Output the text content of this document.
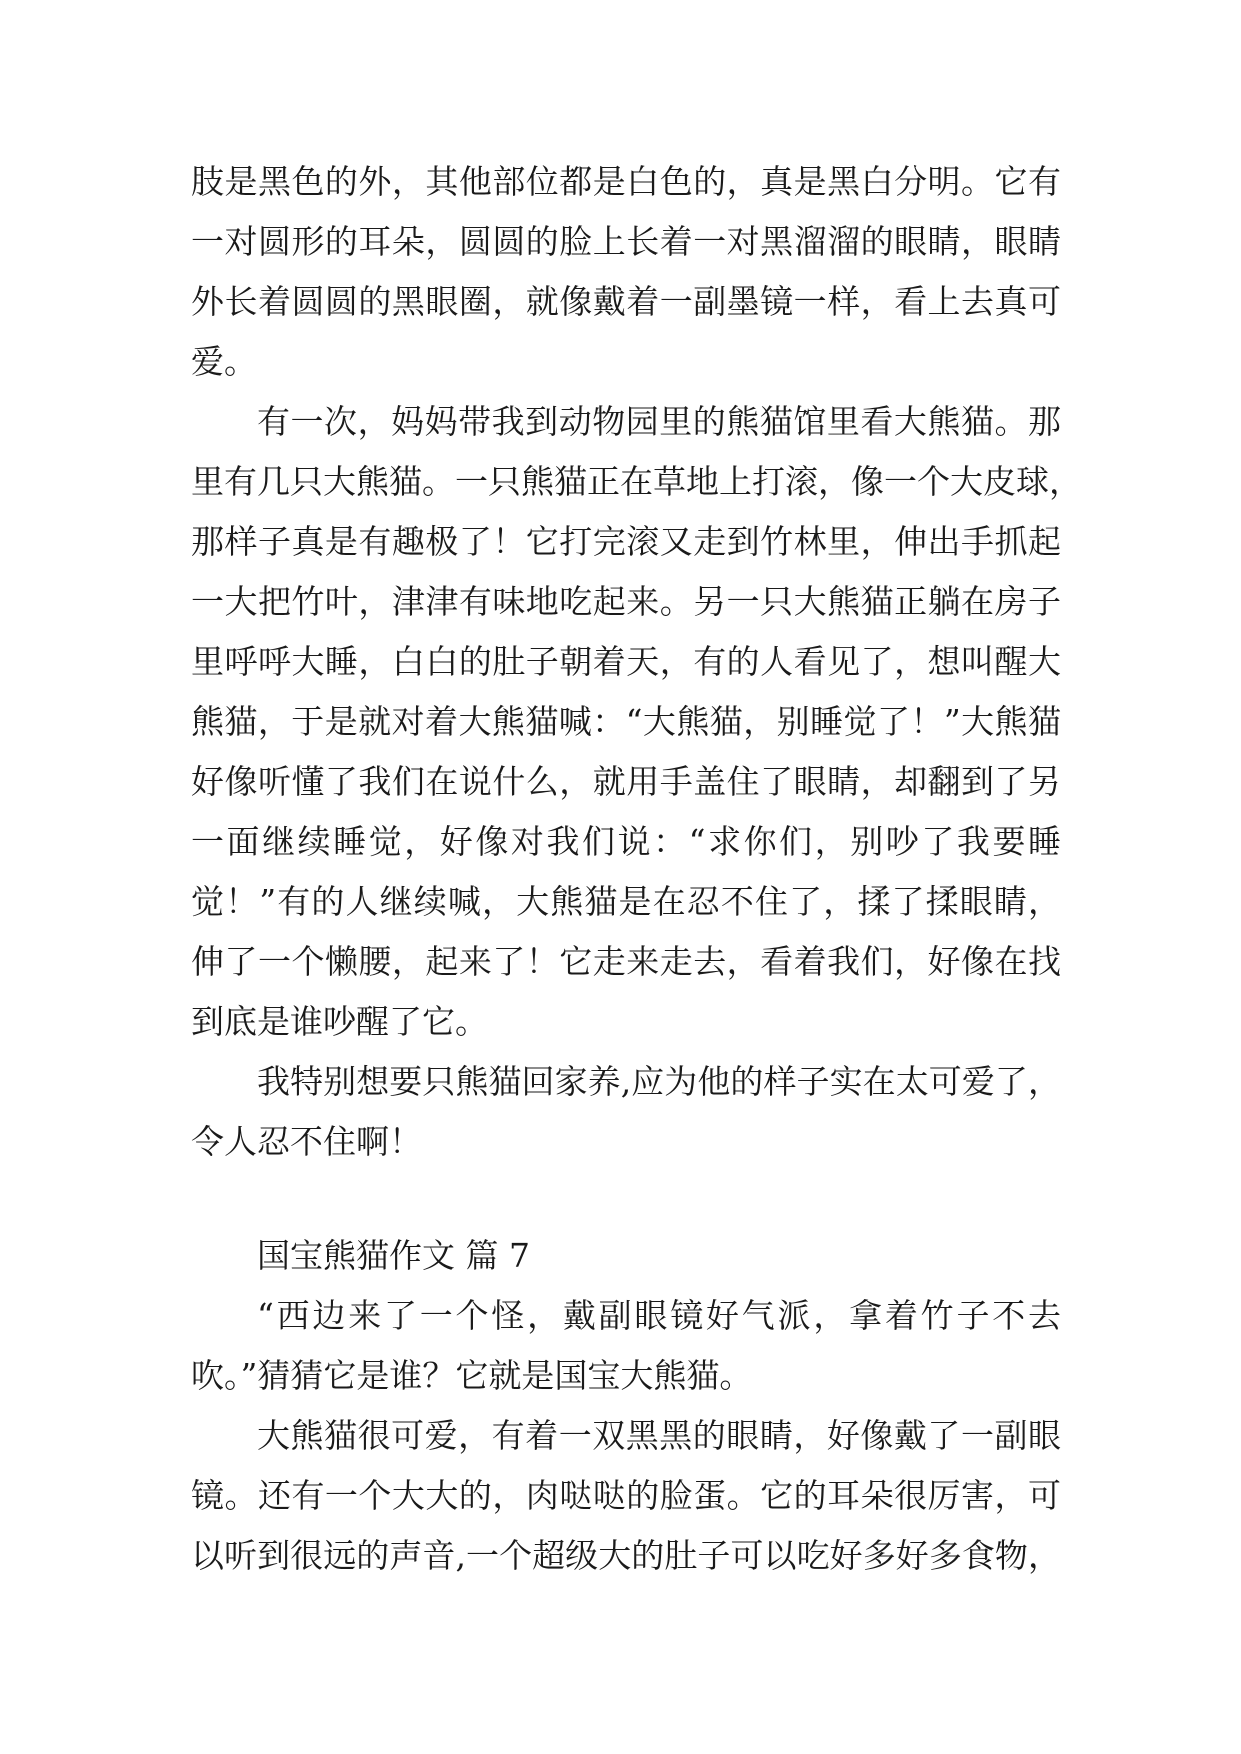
肢是黑色的外，其他部位都是白色的，真是黑白分明。它有
一对圆形的耳朵，圆圆的脸上长着一对黑溜溜的眼睛，眼睛
外长着圆圆的黑眼圈，就像戴着一副墨镜一样，看上去真可
爱。
有一次，妈妈带我到动物园里的熊猫馆里看大熊猫。那
里有几只大熊猫。一只熊猫正在草地上打滚，像一个大皮球，
那样子真是有趣极了！它打完滚又走到竹林里，伸出手抓起
一大把竹叶，津津有味地吃起来。另一只大熊猫正躺在房子
里呼呼大睡，白白的肚子朝着天，有的人看见了，想叫醒大
熊猫，于是就对着大熊猫喊：“大熊猫，别睡觉了！”大熊猫
好像听懂了我们在说什么，就用手盖住了眼睛，却翻到了另
一面继续睡觉，好像对我们说：“求你们，别吵了我要睡
觉！”有的人继续喊，大熊猫是在忍不住了，揉了揉眼睛，
伸了一个懒腰，起来了！它走来走去，看着我们，好像在找
到底是谁吵醒了它。
我特别想要只熊猫回家养,应为他的样子实在太可爱了，
令人忍不住啊！
国宝熊猫作文 篇 7
“西边来了一个怪，戴副眼镜好气派，拿着竹子不去
吹。”猜猜它是谁？它就是国宝大熊猫。
大熊猫很可爱，有着一双黑黑的眼睛，好像戴了一副眼
镜。还有一个大大的，肉哒哒的脸蛋。它的耳朵很厉害，可
以听到很远的声音,一个超级大的肚子可以吃好多好多食物，
